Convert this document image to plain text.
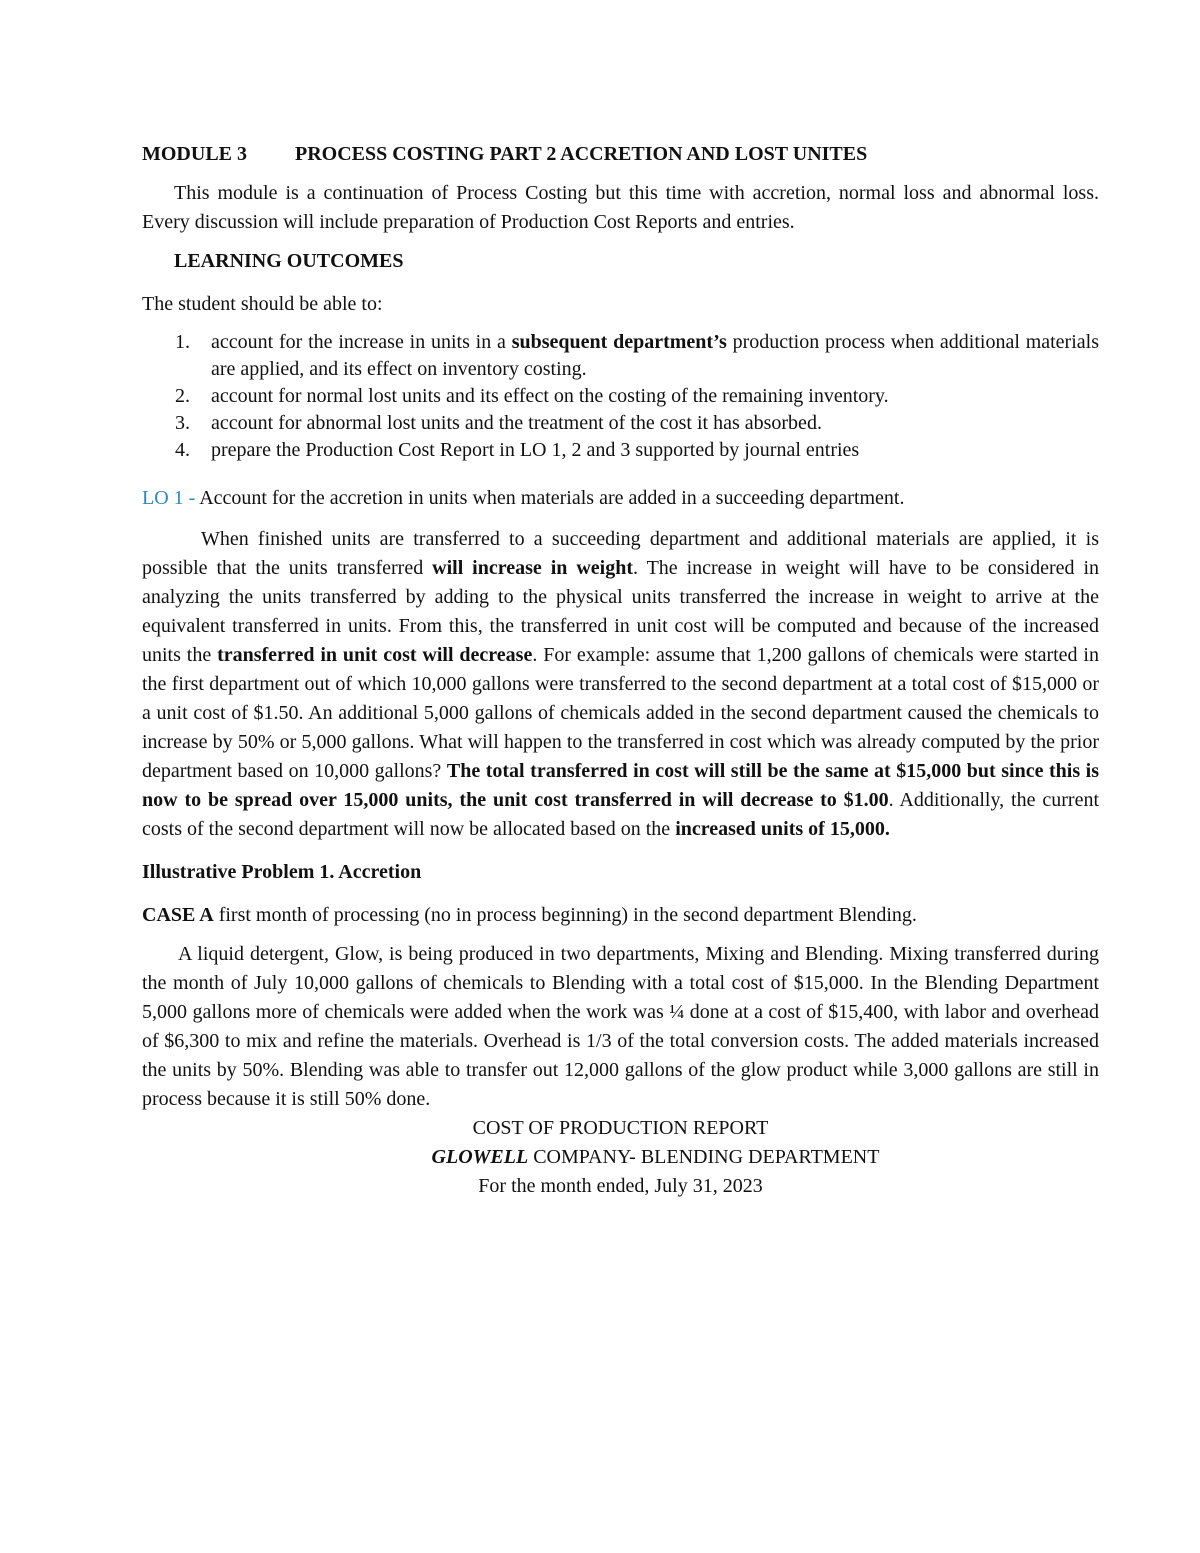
MODULE 3 PROCESS COSTING PART 2 ACCRETION AND LOST UNITES

This module is a continuation of Process Costing but this time with accretion, normal loss and abnormal loss. Every discussion will include preparation of Production Cost Reports and entries.

LEARNING OUTCOMES

The student should be able to:

1. account for the increase in units in a subsequent department’s production process when additional materials are applied, and its effect on inventory costing.
2. account for normal lost units and its effect on the costing of the remaining inventory.
3. account for abnormal lost units and the treatment of the cost it has absorbed.
4. prepare the Production Cost Report in LO 1, 2 and 3 supported by journal entries

LO 1 - Account for the accretion in units when materials are added in a succeeding department.

When finished units are transferred to a succeeding department and additional materials are applied, it is possible that the units transferred will increase in weight. The increase in weight will have to be considered in analyzing the units transferred by adding to the physical units transferred the increase in weight to arrive at the equivalent transferred in units. From this, the transferred in unit cost will be computed and because of the increased units the transferred in unit cost will decrease. For example: assume that 1,200 gallons of chemicals were started in the first department out of which 10,000 gallons were transferred to the second department at a total cost of $15,000 or a unit cost of $1.50. An additional 5,000 gallons of chemicals added in the second department caused the chemicals to increase by 50% or 5,000 gallons. What will happen to the transferred in cost which was already computed by the prior department based on 10,000 gallons? The total transferred in cost will still be the same at $15,000 but since this is now to be spread over 15,000 units, the unit cost transferred in will decrease to $1.00. Additionally, the current costs of the second department will now be allocated based on the increased units of 15,000.

Illustrative Problem 1. Accretion

CASE A first month of processing (no in process beginning) in the second department Blending.

A liquid detergent, Glow, is being produced in two departments, Mixing and Blending. Mixing transferred during the month of July 10,000 gallons of chemicals to Blending with a total cost of $15,000. In the Blending Department 5,000 gallons more of chemicals were added when the work was ¼ done at a cost of $15,400, with labor and overhead of $6,300 to mix and refine the materials. Overhead is 1/3 of the total conversion costs. The added materials increased the units by 50%. Blending was able to transfer out 12,000 gallons of the glow product while 3,000 gallons are still in process because it is still 50% done.

COST OF PRODUCTION REPORT
GLOWELL COMPANY- BLENDING DEPARTMENT
For the month ended, July 31, 2023
